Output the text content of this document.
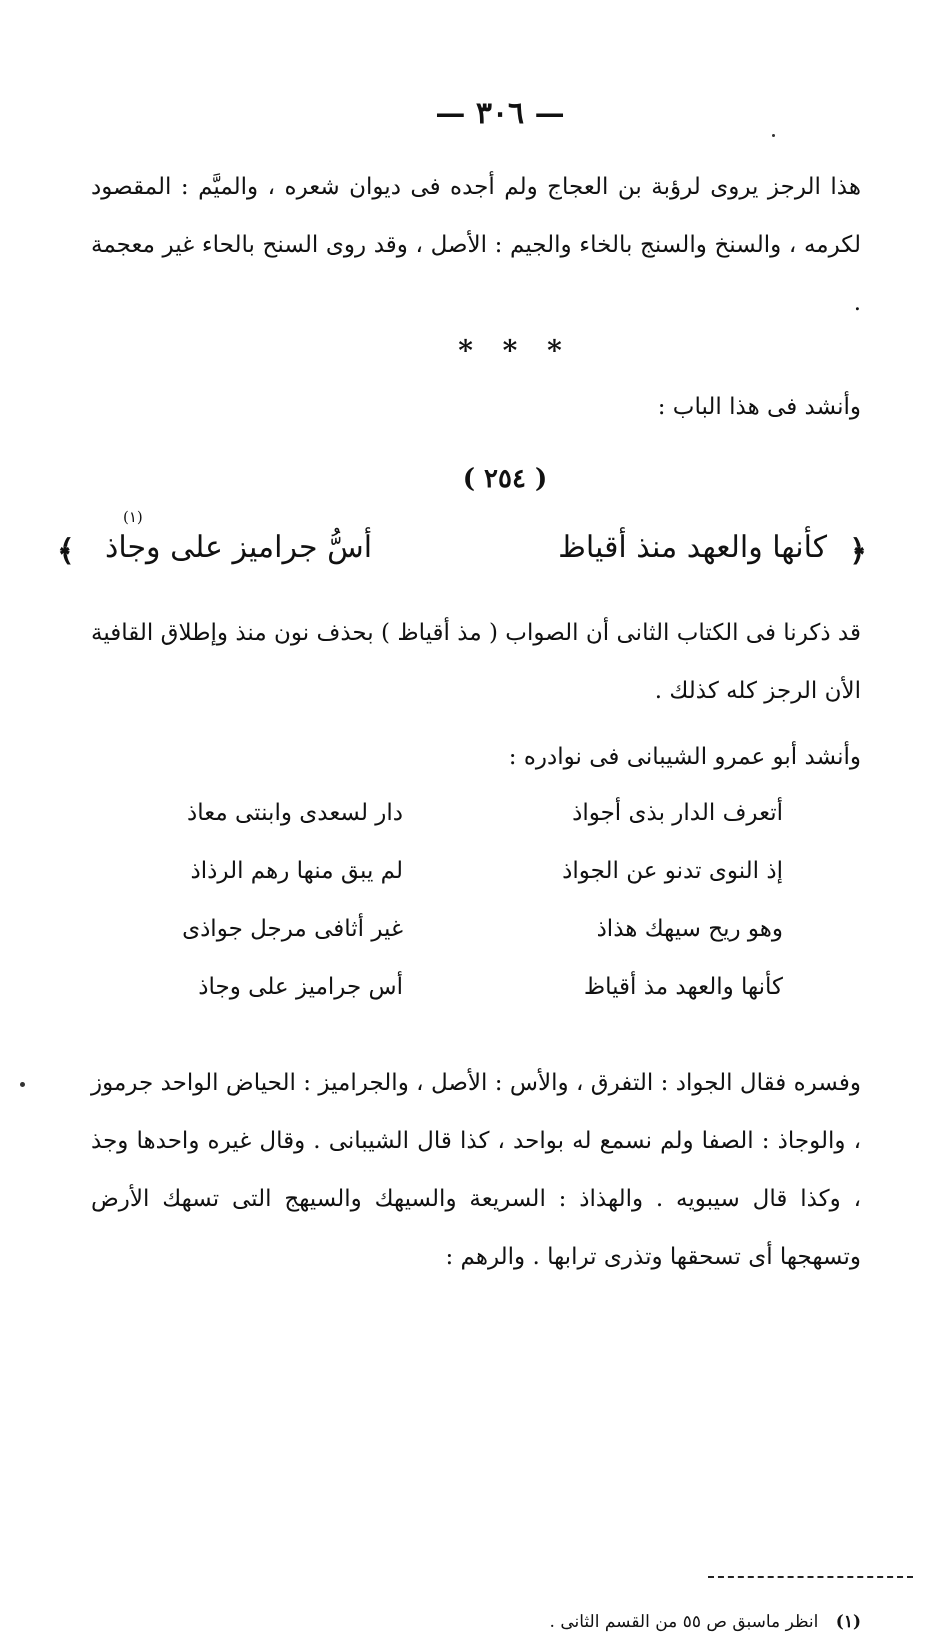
— ٣٠٦ —
هذا الرجز يروى لرؤبة بن العجاج ولم أجده فى ديوان شعره ، والميَّم : المقصود لكرمه ، والسنخ والسنج بالخاء والجيم : الأصل ، وقد روى السنح بالحاء غير معجمة .
* * *
وأنشد فى هذا الباب :
( ٢٥٤ )
﴿
كأنها والعهد منذ أقياظ
أسُّ جراميز على وجاذ
(١)
﴾
قد ذكرنا فى الكتاب الثانى أن الصواب ( مذ أقياظ ) بحذف نون منذ وإطلاق القافية الأن الرجز كله كذلك .
وأنشد أبو عمرو الشيبانى فى نوادره :
أتعرف الدار بذى أجواذ
دار لسعدى وابنتى معاذ
إذ النوى تدنو عن الجواذ
لم يبق منها رهم الرذاذ
وهو ريح سيهك هذاذ
غير أثافى مرجل جواذى
كأنها والعهد مذ أقياظ
أس جراميز على وجاذ
وفسره فقال الجواد : التفرق ، والأس : الأصل ، والجراميز : الحياض الواحد جرموز ، والوجاذ : الصفا ولم نسمع له بواحد ، كذا قال الشيبانى . وقال غيره واحدها وجذ ، وكذا قال سيبويه . والهذاذ : السريعة والسيهك والسيهج التى تسهك الأرض وتسهجها أى تسحقها وتذرى ترابها . والرهم :
(١) انظر ماسبق ص ٥٥ من القسم الثانى .
